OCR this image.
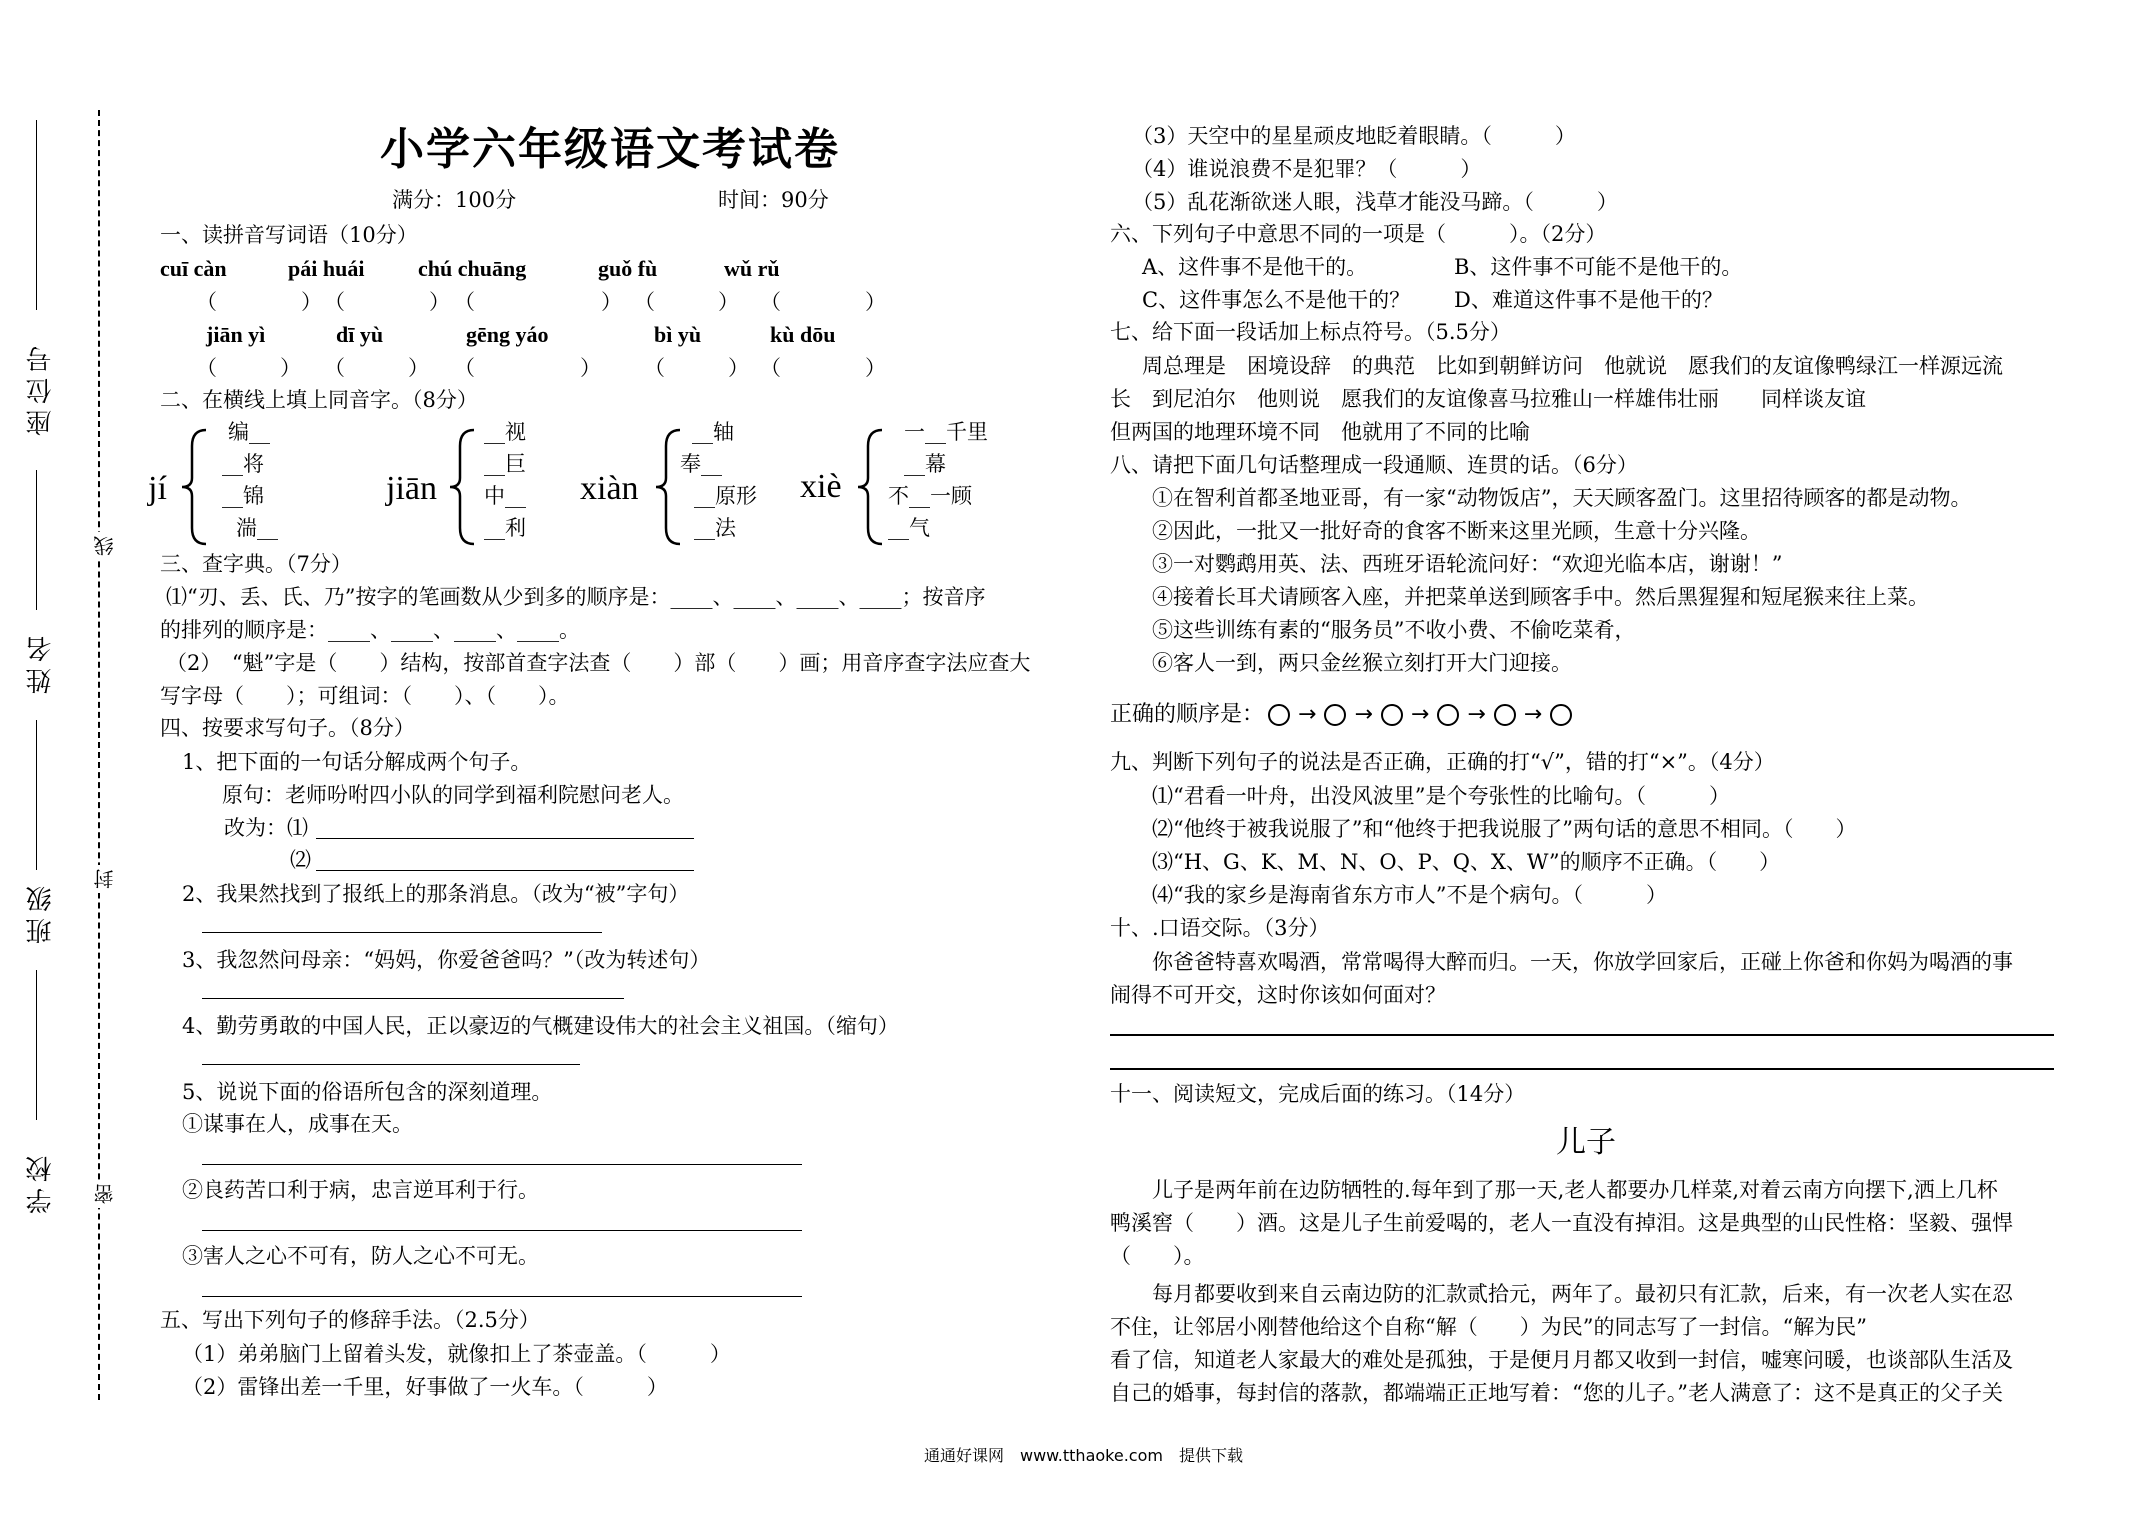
座位号
姓名
班级
学校
线
封
密
小学六年级语文考试卷
满分：100分	时间：90分
一、读拼音写词语（10分）
cuī càn	pái huái chú chuāng	guǒ fù	wǔ rǔ
（　　　　） （　　　　） （　　　　　　） （　　　） （　　　　）
jiān yì	dī yù	gēng yáo	bì yù	kù dōu
（　　　） （　　　） （　　　　　） （　　　） （　　　　）
二、在横线上填上同音字。（8分）
jí
编__
__将
__锦
湍__
jiān
__视
__巨
中__
__利
xiàn
__轴
奉__
__原形
__法
xiè
一__千里
__幕
不__一顾
__气
三、查字典。（7分）
⑴“刃、丢、氏、乃”按字的笔画数从少到多的顺序是：____、____、____、____；按音序
的排列的顺序是：____、____、____、____。
（2）　“魁”字是（　　）结构，按部首查字法查（　　）部（　　）画；用音序查字法应查大
写字母（　　）；可组词：（　　）、（　　）。
四、按要求写句子。（8分）
1、把下面的一句话分解成两个句子。
原句：老师吩咐四小队的同学到福利院慰问老人。
改为：⑴
⑵
2、我果然找到了报纸上的那条消息。（改为“被”字句）
3、我忽然问母亲：“妈妈，你爱爸爸吗？”（改为转述句）
4、勤劳勇敢的中国人民，正以豪迈的气概建设伟大的社会主义祖国。（缩句）
5、说说下面的俗语所包含的深刻道理。
①谋事在人，成事在天。
②良药苦口利于病，忠言逆耳利于行。
③害人之心不可有，防人之心不可无。
五、写出下列句子的修辞手法。（2.5分）
（1）弟弟脑门上留着头发，就像扣上了茶壶盖。（　　　）
（2）雷锋出差一千里，好事做了一火车。（　　　）
（3）天空中的星星顽皮地眨着眼睛。（　　　）
（4）谁说浪费不是犯罪？（　　　）
（5）乱花渐欲迷人眼，浅草才能没马蹄。（　　　）
六、下列句子中意思不同的一项是（　　　）。（2分）
A、这件事不是他干的。	B、这件事不可能不是他干的。
C、这件事怎么不是他干的？ D、难道这件事不是他干的？
七、给下面一段话加上标点符号。（5.5分）
周总理是　困境设辞　的典范　比如到朝鲜访问　他就说　愿我们的友谊像鸭绿江一样源远流
长　到尼泊尔　他则说　愿我们的友谊像喜马拉雅山一样雄伟壮丽　　同样谈友谊
但两国的地理环境不同　他就用了不同的比喻
八、请把下面几句话整理成一段通顺、连贯的话。（6分）
①在智利首都圣地亚哥，有一家“动物饭店”，天天顾客盈门。这里招待顾客的都是动物。
②因此，一批又一批好奇的食客不断来这里光顾，生意十分兴隆。
③一对鹦鹉用英、法、西班牙语轮流问好：“欢迎光临本店，谢谢！”
④接着长耳犬请顾客入座，并把菜单送到顾客手中。然后黑猩猩和短尾猴来往上菜。
⑤这些训练有素的“服务员”不收小费、不偷吃菜肴，
⑥客人一到，两只金丝猴立刻打开大门迎接。
正确的顺序是： → → → → →
九、判断下列句子的说法是否正确，正确的打“√”，错的打“×”。（4分）
⑴“君看一叶舟，出没风波里”是个夸张性的比喻句。（　　　）
⑵“他终于被我说服了”和“他终于把我说服了”两句话的意思不相同。（　　）
⑶“H、G、K、M、N、O、P、Q、X、W”的顺序不正确。（　　）
⑷“我的家乡是海南省东方市人”不是个病句。（　　　）
十、.口语交际。（3分）
你爸爸特喜欢喝酒，常常喝得大醉而归。一天，你放学回家后，正碰上你爸和你妈为喝酒的事
闹得不可开交，这时你该如何面对？
十一、阅读短文，完成后面的练习。（14分）
儿子
儿子是两年前在边防牺牲的.每年到了那一天,老人都要办几样菜,对着云南方向摆下,洒上几杯
鸭溪窖（　　）酒。这是儿子生前爱喝的，老人一直没有掉泪。这是典型的山民性格：坚毅、强悍
（　　）。
每月都要收到来自云南边防的汇款贰拾元，两年了。最初只有汇款，后来，有一次老人实在忍
不住，让邻居小刚替他给这个自称“解（　　）为民”的同志写了一封信。“解为民”
看了信，知道老人家最大的难处是孤独，于是便月月都又收到一封信，嘘寒问暖，也谈部队生活及
自己的婚事，每封信的落款，都端端正正地写着：“您的儿子。”老人满意了：这不是真正的父子关
通通好课网　www.tthaoke.com　提供下载
